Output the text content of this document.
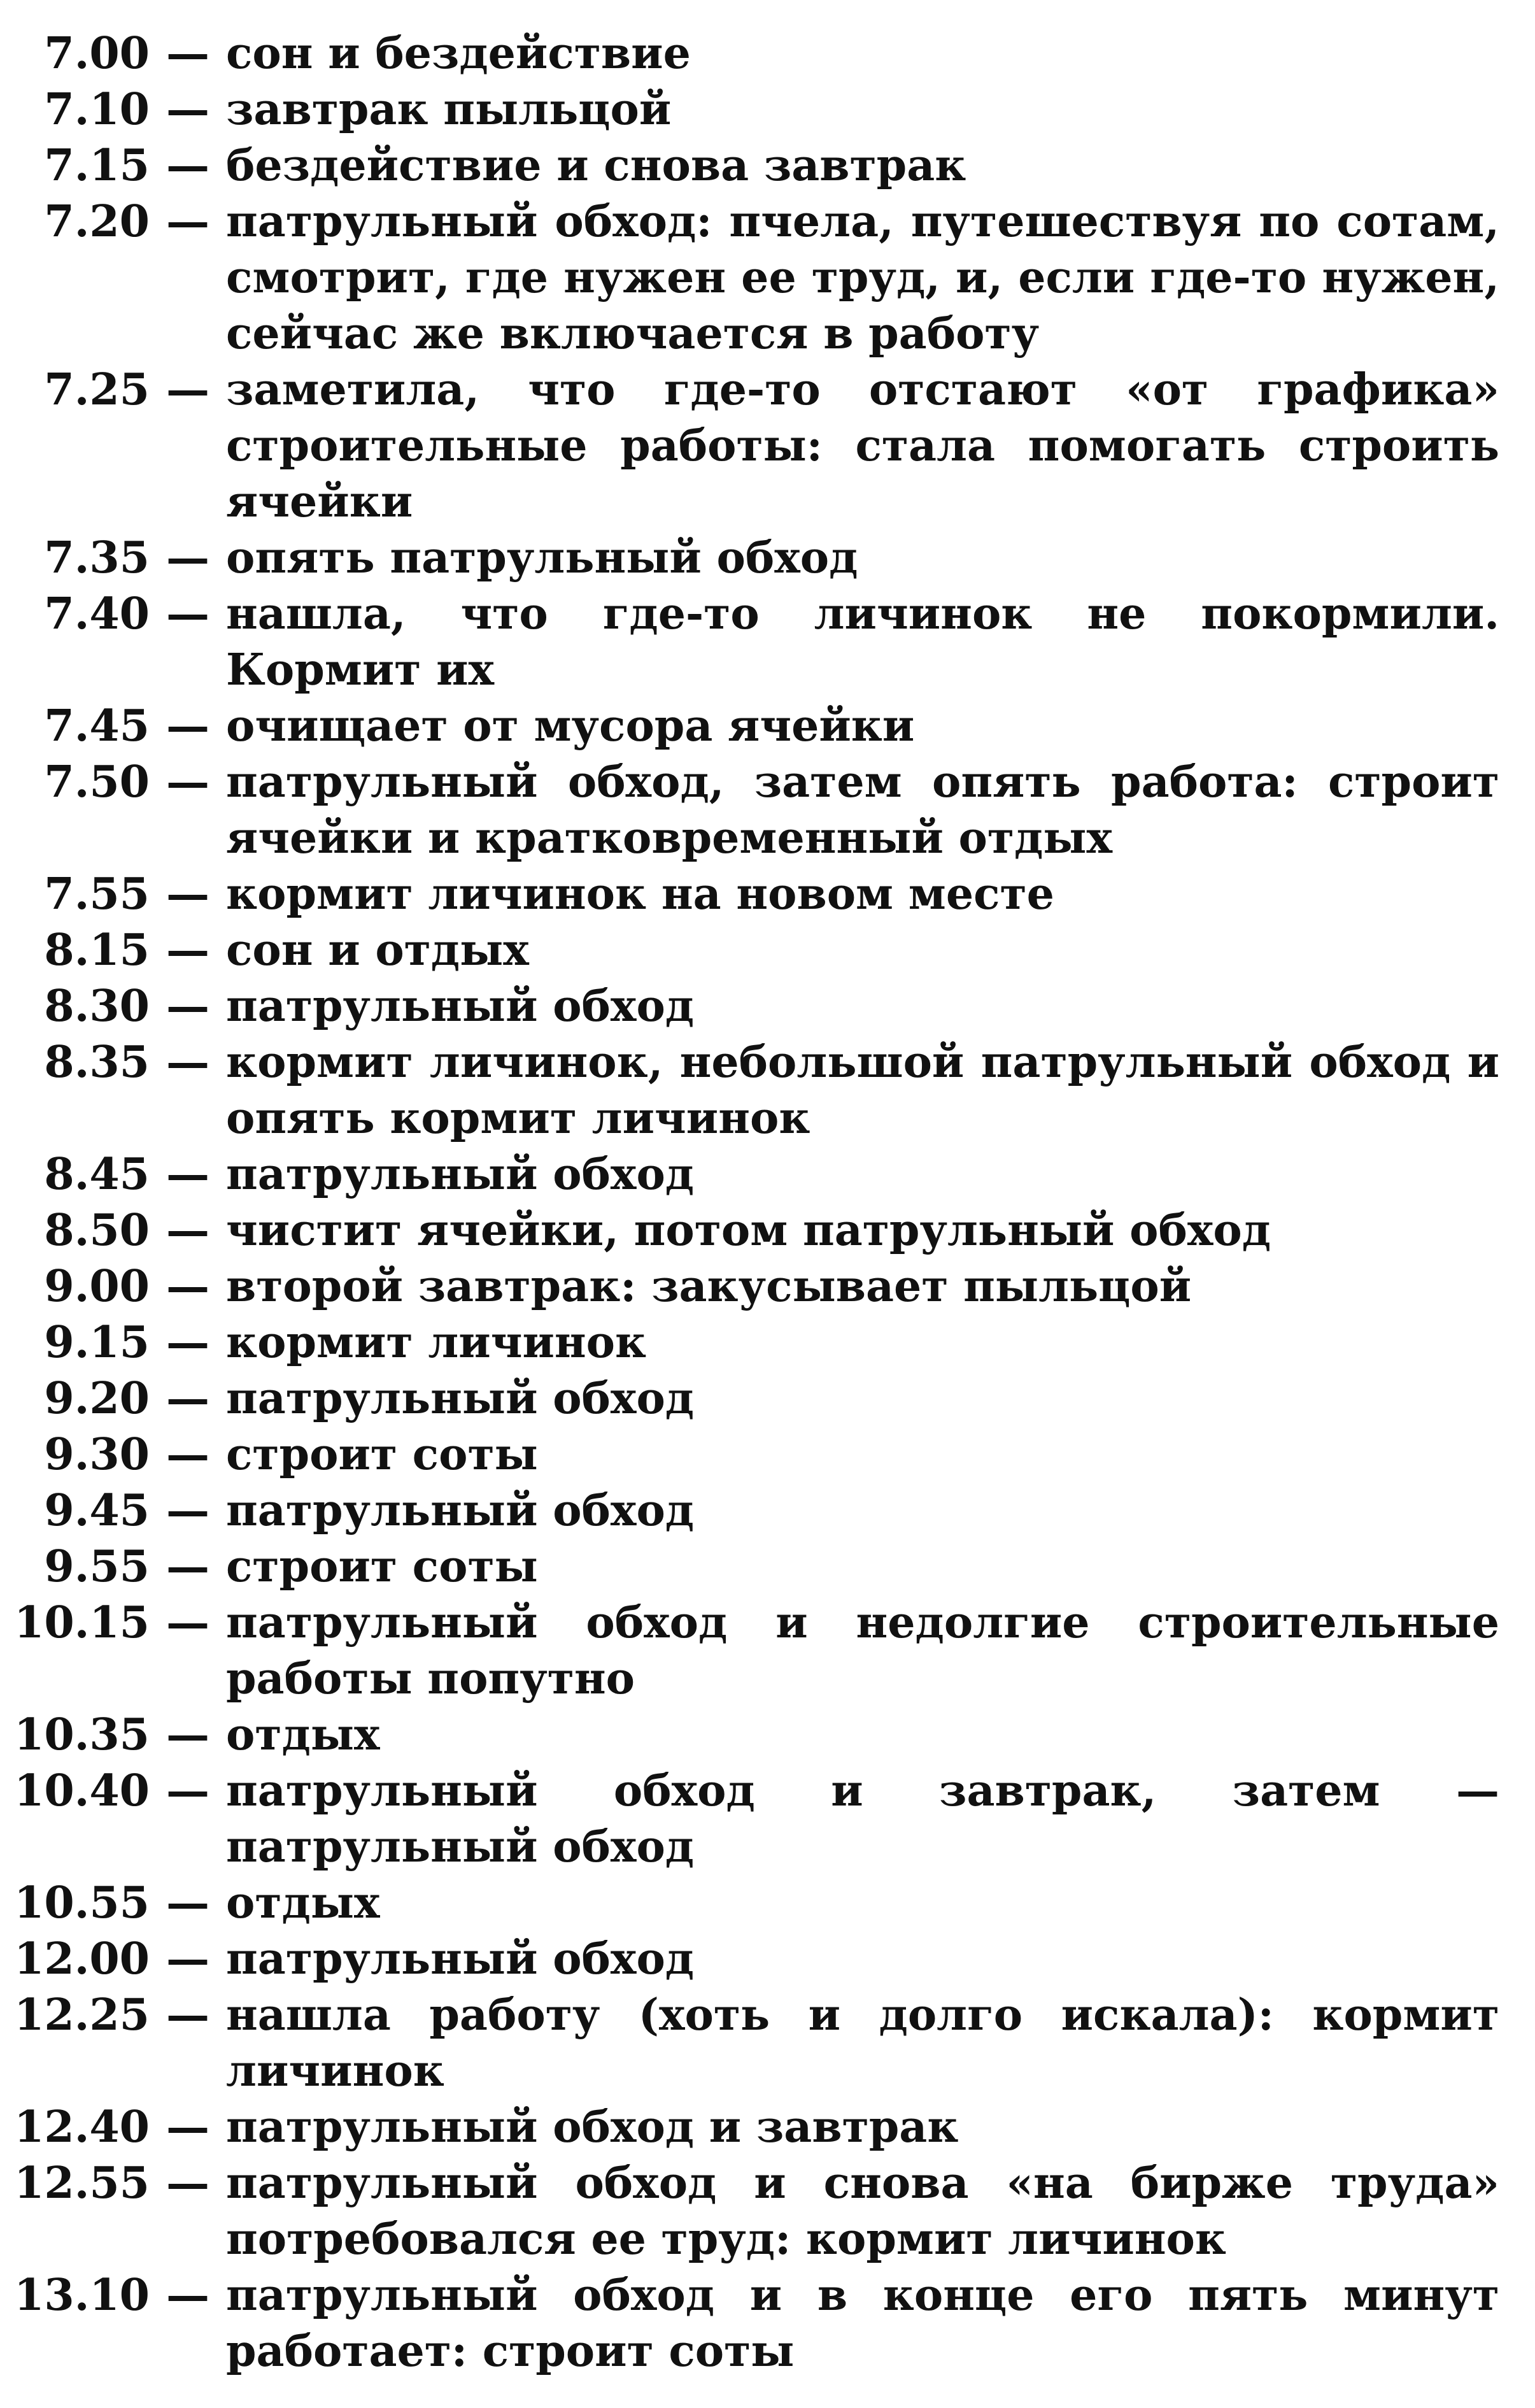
7.00 — сон и бездействие
7.10 — завтрак пыльцой
7.15 — бездействие и снова завтрак
7.20 — патрульный обход: пчела, путешествуя по сотам, смотрит, где нужен ее труд, и, если где-то нужен, сейчас же включается в работу
7.25 — заметила, что где-то отстают «от графика» строительные работы: стала помогать строить ячейки
7.35 — опять патрульный обход
7.40 — нашла, что где-то личинок не покормили. Кормит их
7.45 — очищает от мусора ячейки
7.50 — патрульный обход, затем опять работа: строит ячейки и кратковременный отдых
7.55 — кормит личинок на новом месте
8.15 — сон и отдых
8.30 — патрульный обход
8.35 — кормит личинок, небольшой патрульный обход и опять кормит личинок
8.45 — патрульный обход
8.50 — чистит ячейки, потом патрульный обход
9.00 — второй завтрак: закусывает пыльцой
9.15 — кормит личинок
9.20 — патрульный обход
9.30 — строит соты
9.45 — патрульный обход
9.55 — строит соты
10.15 — патрульный обход и недолгие строительные работы попутно
10.35 — отдых
10.40 — патрульный обход и завтрак, затем — патрульный обход
10.55 — отдых
12.00 — патрульный обход
12.25 — нашла работу (хоть и долго искала): кормит личинок
12.40 — патрульный обход и завтрак
12.55 — патрульный обход и снова «на бирже труда» потребовался ее труд: кормит личинок
13.10 — патрульный обход и в конце его пять минут работает: строит соты
